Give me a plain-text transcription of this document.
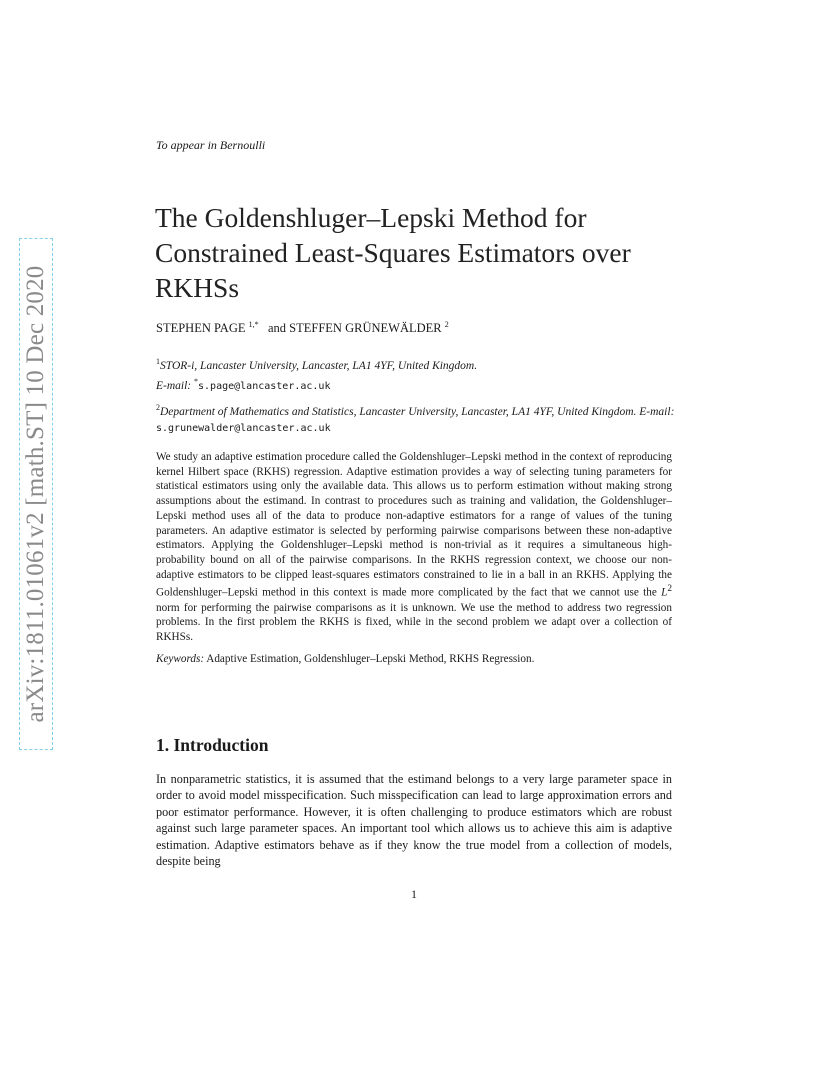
arXiv:1811.01061v2 [math.ST] 10 Dec 2020
To appear in Bernoulli
The Goldenshluger–Lepski Method for Constrained Least-Squares Estimators over RKHSs
STEPHEN PAGE $^{1,*}$ and STEFFEN GRÜNEWÄLDER $^2$
$^1$STOR-i, Lancaster University, Lancaster, LA1 4YF, United Kingdom.
E-mail: *s.page@lancaster.ac.uk
$^2$Department of Mathematics and Statistics, Lancaster University, Lancaster, LA1 4YF, United Kingdom. E-mail: s.grunewalder@lancaster.ac.uk

We study an adaptive estimation procedure called the Goldenshluger–Lepski method in the context of reproducing kernel Hilbert space (RKHS) regression. Adaptive estimation provides a way of selecting tuning parameters for statistical estimators using only the available data. This allows us to perform estimation without making strong assumptions about the estimand. In contrast to procedures such as training and validation, the Goldenshluger–Lepski method uses all of the data to produce non-adaptive estimators for a range of values of the tuning parameters. An adaptive estimator is selected by performing pairwise comparisons between these non-adaptive estimators. Applying the Goldenshluger–Lepski method is non-trivial as it requires a simultaneous high-probability bound on all of the pairwise comparisons. In the RKHS regression context, we choose our non-adaptive estimators to be clipped least-squares estimators constrained to lie in a ball in an RKHS. Applying the Goldenshluger–Lepski method in this context is made more complicated by the fact that we cannot use the $L^2$ norm for performing the pairwise comparisons as it is unknown. We use the method to address two regression problems. In the first problem the RKHS is fixed, while in the second problem we adapt over a collection of RKHSs.

Keywords: Adaptive Estimation, Goldenshluger–Lepski Method, RKHS Regression.
1. Introduction

In nonparametric statistics, it is assumed that the estimand belongs to a very large parameter space in order to avoid model misspecification. Such misspecification can lead to large approximation errors and poor estimator performance. However, it is often challenging to produce estimators which are robust against such large parameter spaces. An important tool which allows us to achieve this aim is adaptive estimation. Adaptive estimators behave as if they know the true model from a collection of models, despite being

1
